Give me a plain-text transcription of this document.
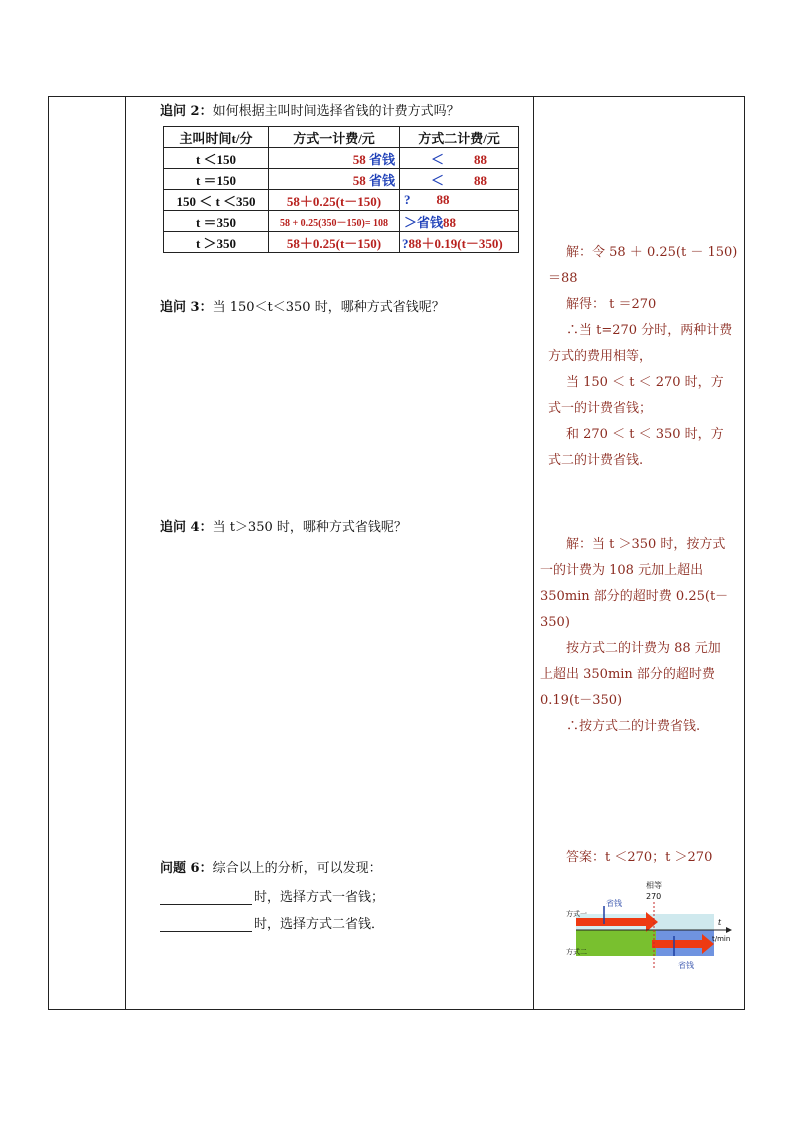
追问 2：如何根据主叫时间选择省钱的计费方式吗？
主叫时间t/分	方式一计费/元	方式二计费/元
t ＜150	58 省钱	＜ 88
t ＝150	58 省钱	＜ 88
150 ＜ t ＜350	58＋0.25(t－150)	? 88
t ＝350	58 + 0.25(350－150)= 108	＞省钱88
t ＞350	58＋0.25(t－150)	?88＋0.19(t－350)
追问 3：当 150＜t＜350 时，哪种方式省钱呢？
追问 4：当 t＞350 时，哪种方式省钱呢？
问题 6：综合以上的分析，可以发现：
时，选择方式一省钱；
时，选择方式二省钱．
解：令 58 ＋ 0.25(t － 150)
＝88
解得： t ＝270
∴当 t=270 分时，两种计费
方式的费用相等，
当 150 ＜ t ＜ 270 时，方
式一的计费省钱；
和 270 ＜ t ＜ 350 时，方
式二的计费省钱.
解：当 t ＞350 时，按方式
一的计费为 108 元加上超出
350min 部分的超时费 0.25(t－
350)
按方式二的计费为 88 元加
上超出 350min 部分的超时费
0.19(t－350)
∴按方式二的计费省钱.
答案：t ＜270；t ＞270
方式一
方式二
省钱
相等
270
t
t/min
省钱
